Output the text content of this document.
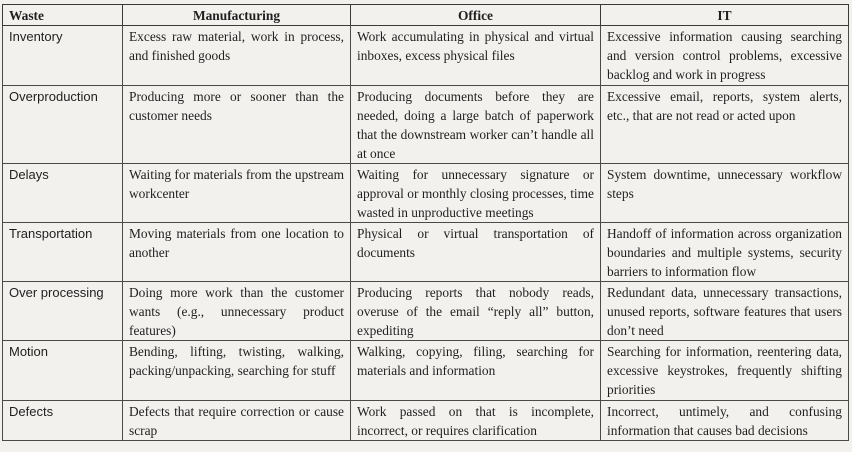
Waste	Manufacturing	Office	IT
Inventory	Excess raw material, work in process, and finished goods	Work accumulating in physical and virtual inboxes, excess physical files	Excessive information causing searching and version control problems, excessive backlog and work in progress
Overproduction	Producing more or sooner than the customer needs	Producing documents before they are needed, doing a large batch of paperwork that the downstream worker can’t handle all at once	Excessive email, reports, system alerts, etc., that are not read or acted upon
Delays	Waiting for materials from the upstream workcenter	Waiting for unnecessary signature or approval or monthly closing processes, time wasted in unproductive meetings	System downtime, unnecessary workflow steps
Transportation	Moving materials from one location to another	Physical or virtual transportation of documents	Handoff of information across organization boundaries and multiple systems, security barriers to information flow
Over processing	Doing more work than the customer wants (e.g., unnecessary product features)	Producing reports that nobody reads, overuse of the email “reply all” button, expediting	Redundant data, unnecessary transactions, unused reports, software features that users don’t need
Motion	Bending, lifting, twisting, walking, packing/unpacking, searching for stuff	Walking, copying, filing, searching for materials and information	Searching for information, reentering data, excessive keystrokes, frequently shifting priorities
Defects	Defects that require correction or cause scrap	Work passed on that is incomplete, incorrect, or requires clarification	Incorrect, untimely, and confusing information that causes bad decisions
